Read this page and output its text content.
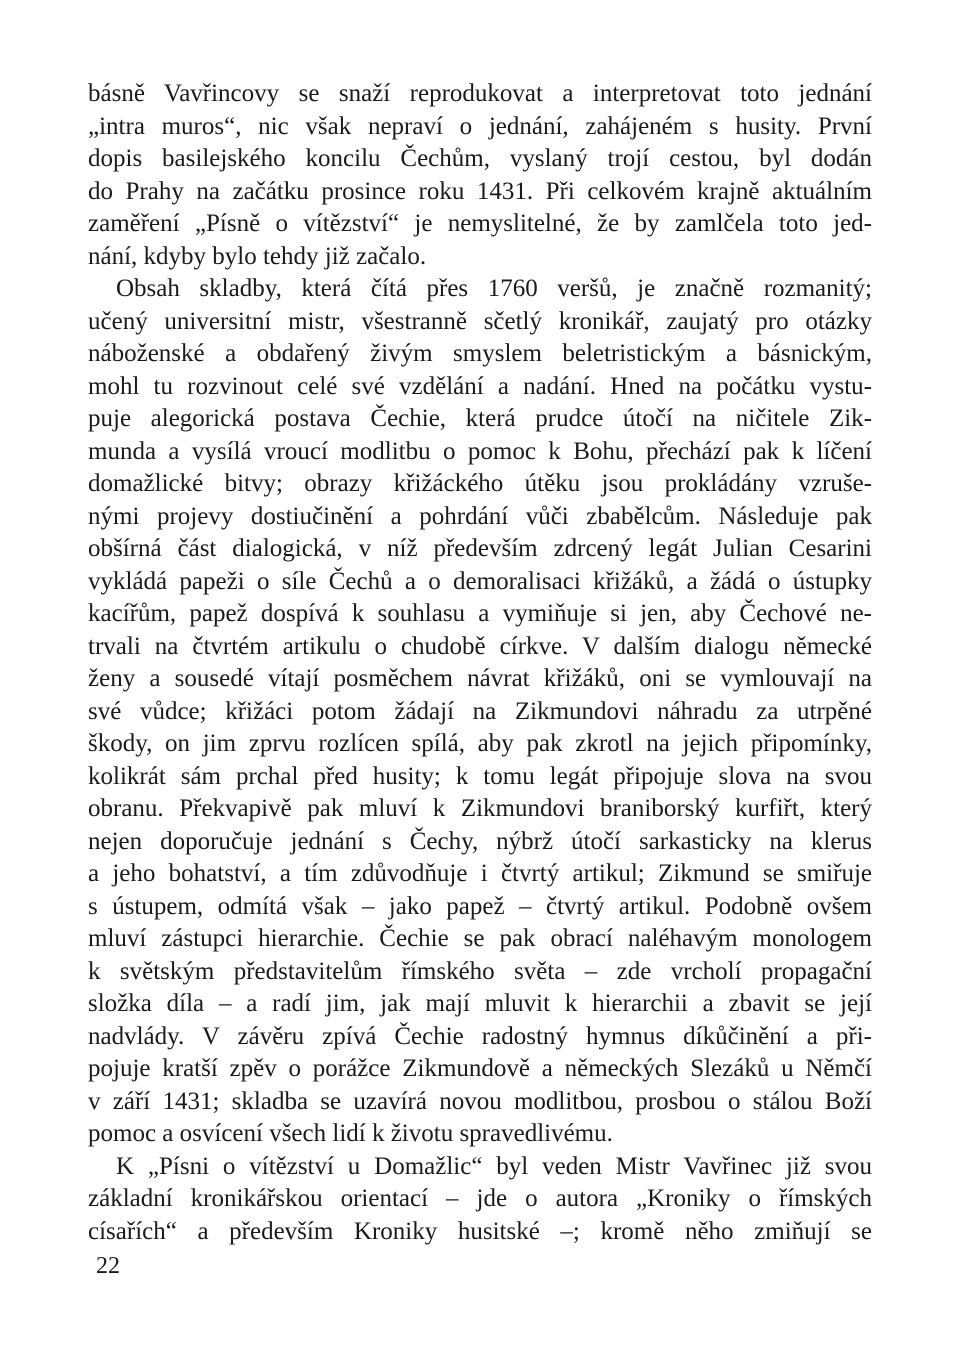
básně Vavřincovy se snaží reprodukovat a interpretovat toto jednání
„intra muros“, nic však nepraví o jednání, zahájeném s husity. První
dopis basilejského koncilu Čechům, vyslaný trojí cestou, byl dodán
do Prahy na začátku prosince roku 1431. Při celkovém krajně aktuálním
zaměření „Písně o vítězství“ je nemyslitelné, že by zamlčela toto jed-
nání, kdyby bylo tehdy již začalo.
Obsah skladby, která čítá přes 1760 veršů, je značně rozmanitý;
učený universitní mistr, všestranně sčetlý kronikář, zaujatý pro otázky
náboženské a obdařený živým smyslem beletristickým a básnickým,
mohl tu rozvinout celé své vzdělání a nadání. Hned na počátku vystu-
puje alegorická postava Čechie, která prudce útočí na ničitele Zik-
munda a vysílá vroucí modlitbu o pomoc k Bohu, přechází pak k líčení
domažlické bitvy; obrazy křižáckého útěku jsou prokládány vzruše-
nými projevy dostiučinění a pohrdání vůči zbabělcům. Následuje pak
obšírná část dialogická, v níž především zdrcený legát Julian Cesarini
vykládá papeži o síle Čechů a o demoralisaci křižáků, a žádá o ústupky
kacířům, papež dospívá k souhlasu a vymiňuje si jen, aby Čechové ne-
trvali na čtvrtém artikulu o chudobě církve. V dalším dialogu německé
ženy a sousedé vítají posměchem návrat křižáků, oni se vymlouvají na
své vůdce; křižáci potom žádají na Zikmundovi náhradu za utrpěné
škody, on jim zprvu rozlícen spílá, aby pak zkrotl na jejich připomínky,
kolikrát sám prchal před husity; k tomu legát připojuje slova na svou
obranu. Překvapivě pak mluví k Zikmundovi braniborský kurfiřt, který
nejen doporučuje jednání s Čechy, nýbrž útočí sarkasticky na klerus
a jeho bohatství, a tím zdůvodňuje i čtvrtý artikul; Zikmund se smiřuje
s ústupem, odmítá však – jako papež – čtvrtý artikul. Podobně ovšem
mluví zástupci hierarchie. Čechie se pak obrací naléhavým monologem
k světským představitelům římského světa – zde vrcholí propagační
složka díla – a radí jim, jak mají mluvit k hierarchii a zbavit se její
nadvlády. V závěru zpívá Čechie radostný hymnus díkůčinění a při-
pojuje kratší zpěv o porážce Zikmundově a německých Slezáků u Němčí
v září 1431; skladba se uzavírá novou modlitbou, prosbou o stálou Boží
pomoc a osvícení všech lidí k životu spravedlivému.
K „Písni o vítězství u Domažlic“ byl veden Mistr Vavřinec již svou
základní kronikářskou orientací – jde o autora „Kroniky o římských
císařích“ a především Kroniky husitské –; kromě něho zmiňují se
22
